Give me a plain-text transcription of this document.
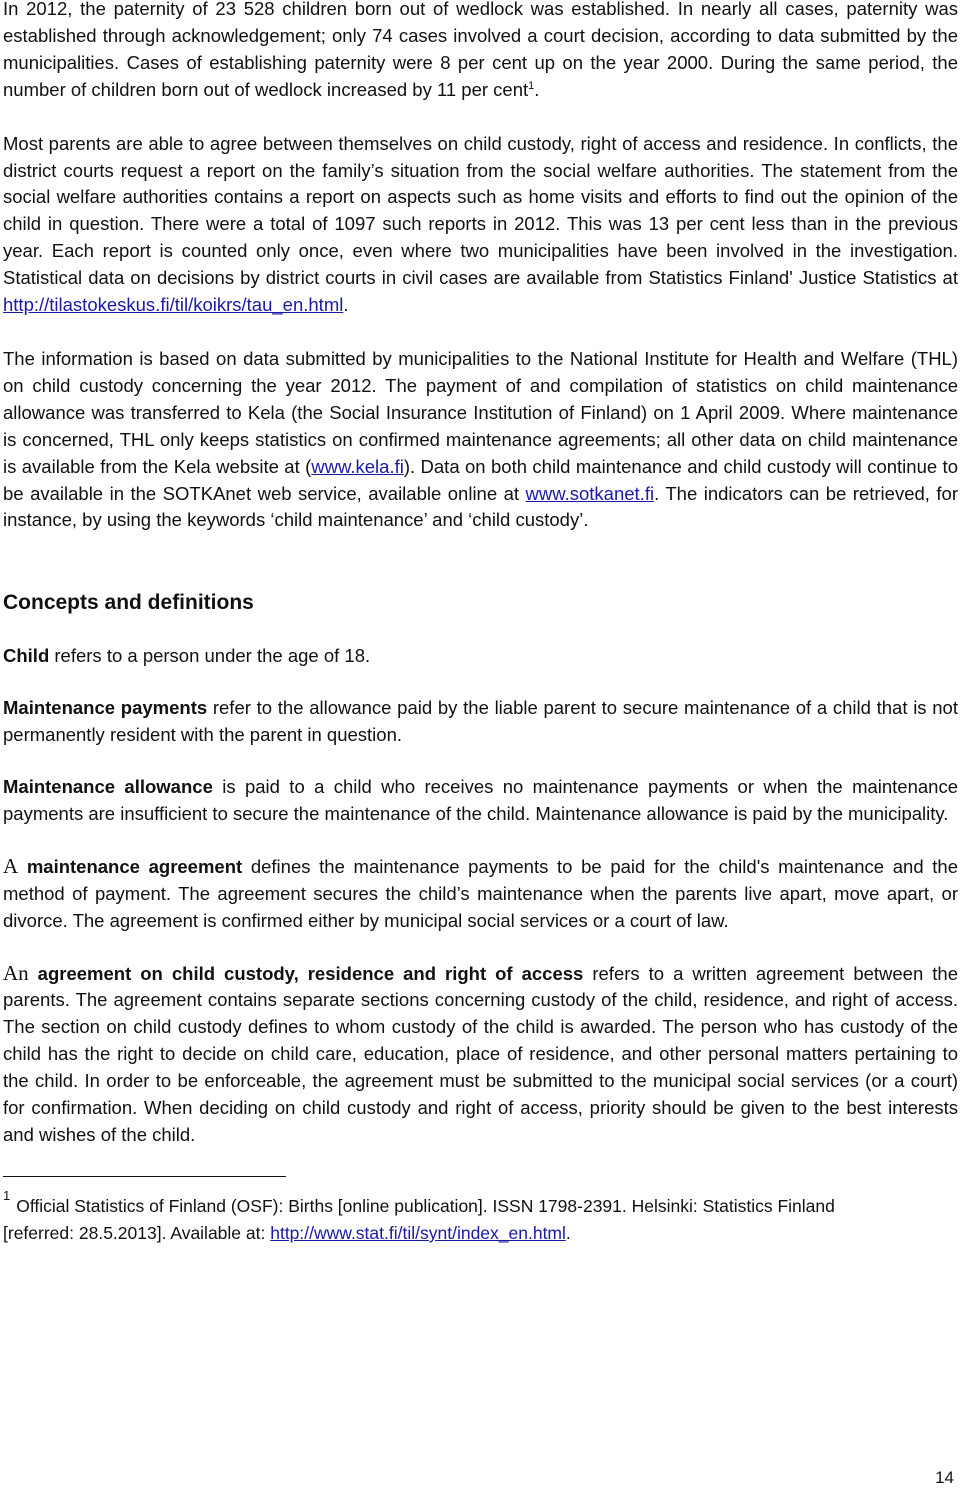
In 2012, the paternity of 23 528 children born out of wedlock was established. In nearly all cases, paternity was established through acknowledgement; only 74 cases involved a court decision, according to data submitted by the municipalities. Cases of establishing paternity were 8 per cent up on the year 2000. During the same period, the number of children born out of wedlock increased by 11 per cent$^1$.

Most parents are able to agree between themselves on child custody, right of access and residence. In conflicts, the district courts request a report on the family’s situation from the social welfare authorities. The statement from the social welfare authorities contains a report on aspects such as home visits and efforts to find out the opinion of the child in question. There were a total of 1097 such reports in 2012. This was 13 per cent less than in the previous year. Each report is counted only once, even where two municipalities have been involved in the investigation. Statistical data on decisions by district courts in civil cases are available from Statistics Finland' Justice Statistics at http://tilastokeskus.fi/til/koikrs/tau_en.html.

The information is based on data submitted by municipalities to the National Institute for Health and Welfare (THL) on child custody concerning the year 2012. The payment of and compilation of statistics on child maintenance allowance was transferred to Kela (the Social Insurance Institution of Finland) on 1 April 2009. Where maintenance is concerned, THL only keeps statistics on confirmed maintenance agreements; all other data on child maintenance is available from the Kela website at (www.kela.fi). Data on both child maintenance and child custody will continue to be available in the SOTKAnet web service, available online at www.sotkanet.fi. The indicators can be retrieved, for instance, by using the keywords ‘child maintenance’ and ‘child custody’.

Concepts and definitions

Child refers to a person under the age of 18.

Maintenance payments refer to the allowance paid by the liable parent to secure maintenance of a child that is not permanently resident with the parent in question.

Maintenance allowance is paid to a child who receives no maintenance payments or when the maintenance payments are insufficient to secure the maintenance of the child. Maintenance allowance is paid by the municipality.

A maintenance agreement defines the maintenance payments to be paid for the child's maintenance and the method of payment. The agreement secures the child’s maintenance when the parents live apart, move apart, or divorce. The agreement is confirmed either by municipal social services or a court of law.

An agreement on child custody, residence and right of access refers to a written agreement between the parents. The agreement contains separate sections concerning custody of the child, residence, and right of access. The section on child custody defines to whom custody of the child is awarded. The person who has custody of the child has the right to decide on child care, education, place of residence, and other personal matters pertaining to the child. In order to be enforceable, the agreement must be submitted to the municipal social services (or a court) for confirmation. When deciding on child custody and right of access, priority should be given to the best interests and wishes of the child.

$^1$Official Statistics of Finland (OSF): Births [online publication]. ISSN 1798-2391. Helsinki: Statistics Finland [referred: 28.5.2013]. Available at: http://www.stat.fi/til/synt/index_en.html.

14
